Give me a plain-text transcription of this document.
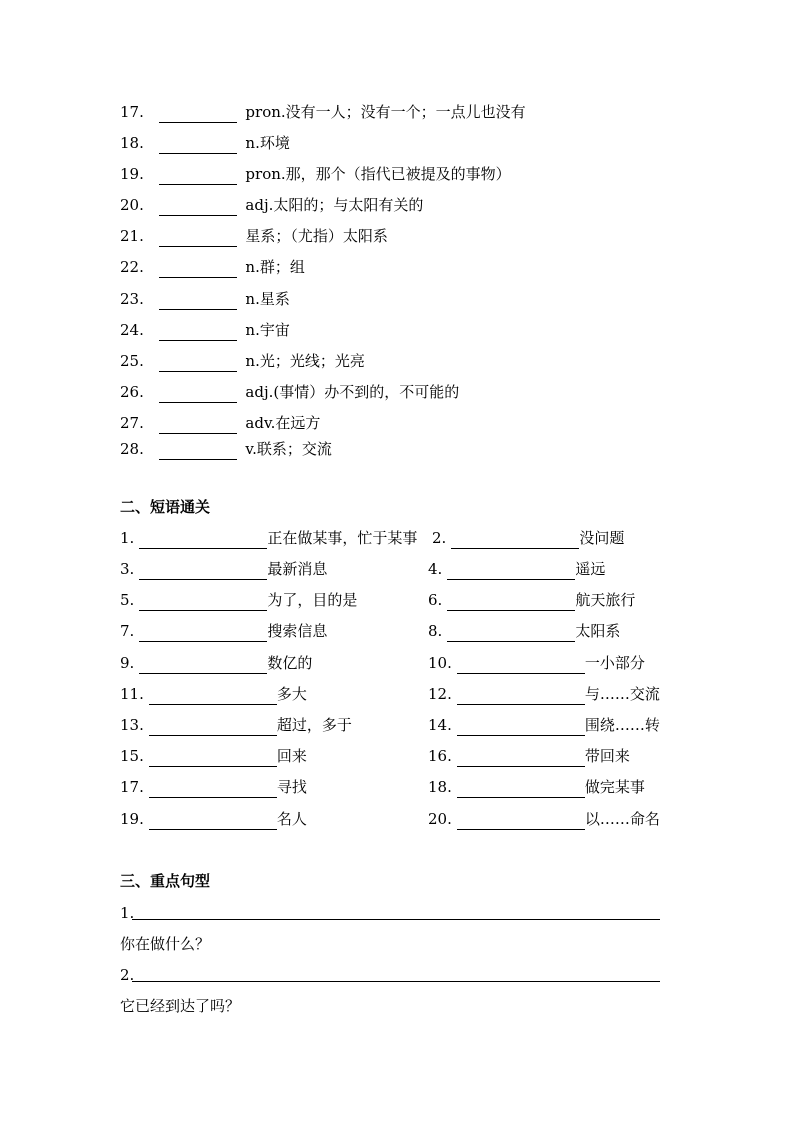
17.	pron.没有一人；没有一个；一点儿也没有
18.	n.环境
19.	pron.那，那个（指代已被提及的事物）
20.	adj.太阳的；与太阳有关的
21.	星系；（尤指）太阳系
22.	n.群；组
23.	n.星系
24.	n.宇宙
25.	n.光；光线；光亮
26.	adj.(事情）办不到的，不可能的
27.	adv.在远方
28.	v.联系；交流
二、短语通关
1.	正在做某事，忙于某事 2.	没问题
3.	最新消息	4.	遥远
5.	为了，目的是	6.	航天旅行
7.	搜索信息	8.	太阳系
9.	数亿的	10.	一小部分
11.	多大	12.	与……交流
13.	超过，多于	14.	围绕……转
15.	回来	16.	带回来
17.	寻找	18.	做完某事
19.	名人	20.	以……命名
三、重点句型
1.
你在做什么？
2.
它已经到达了吗？
